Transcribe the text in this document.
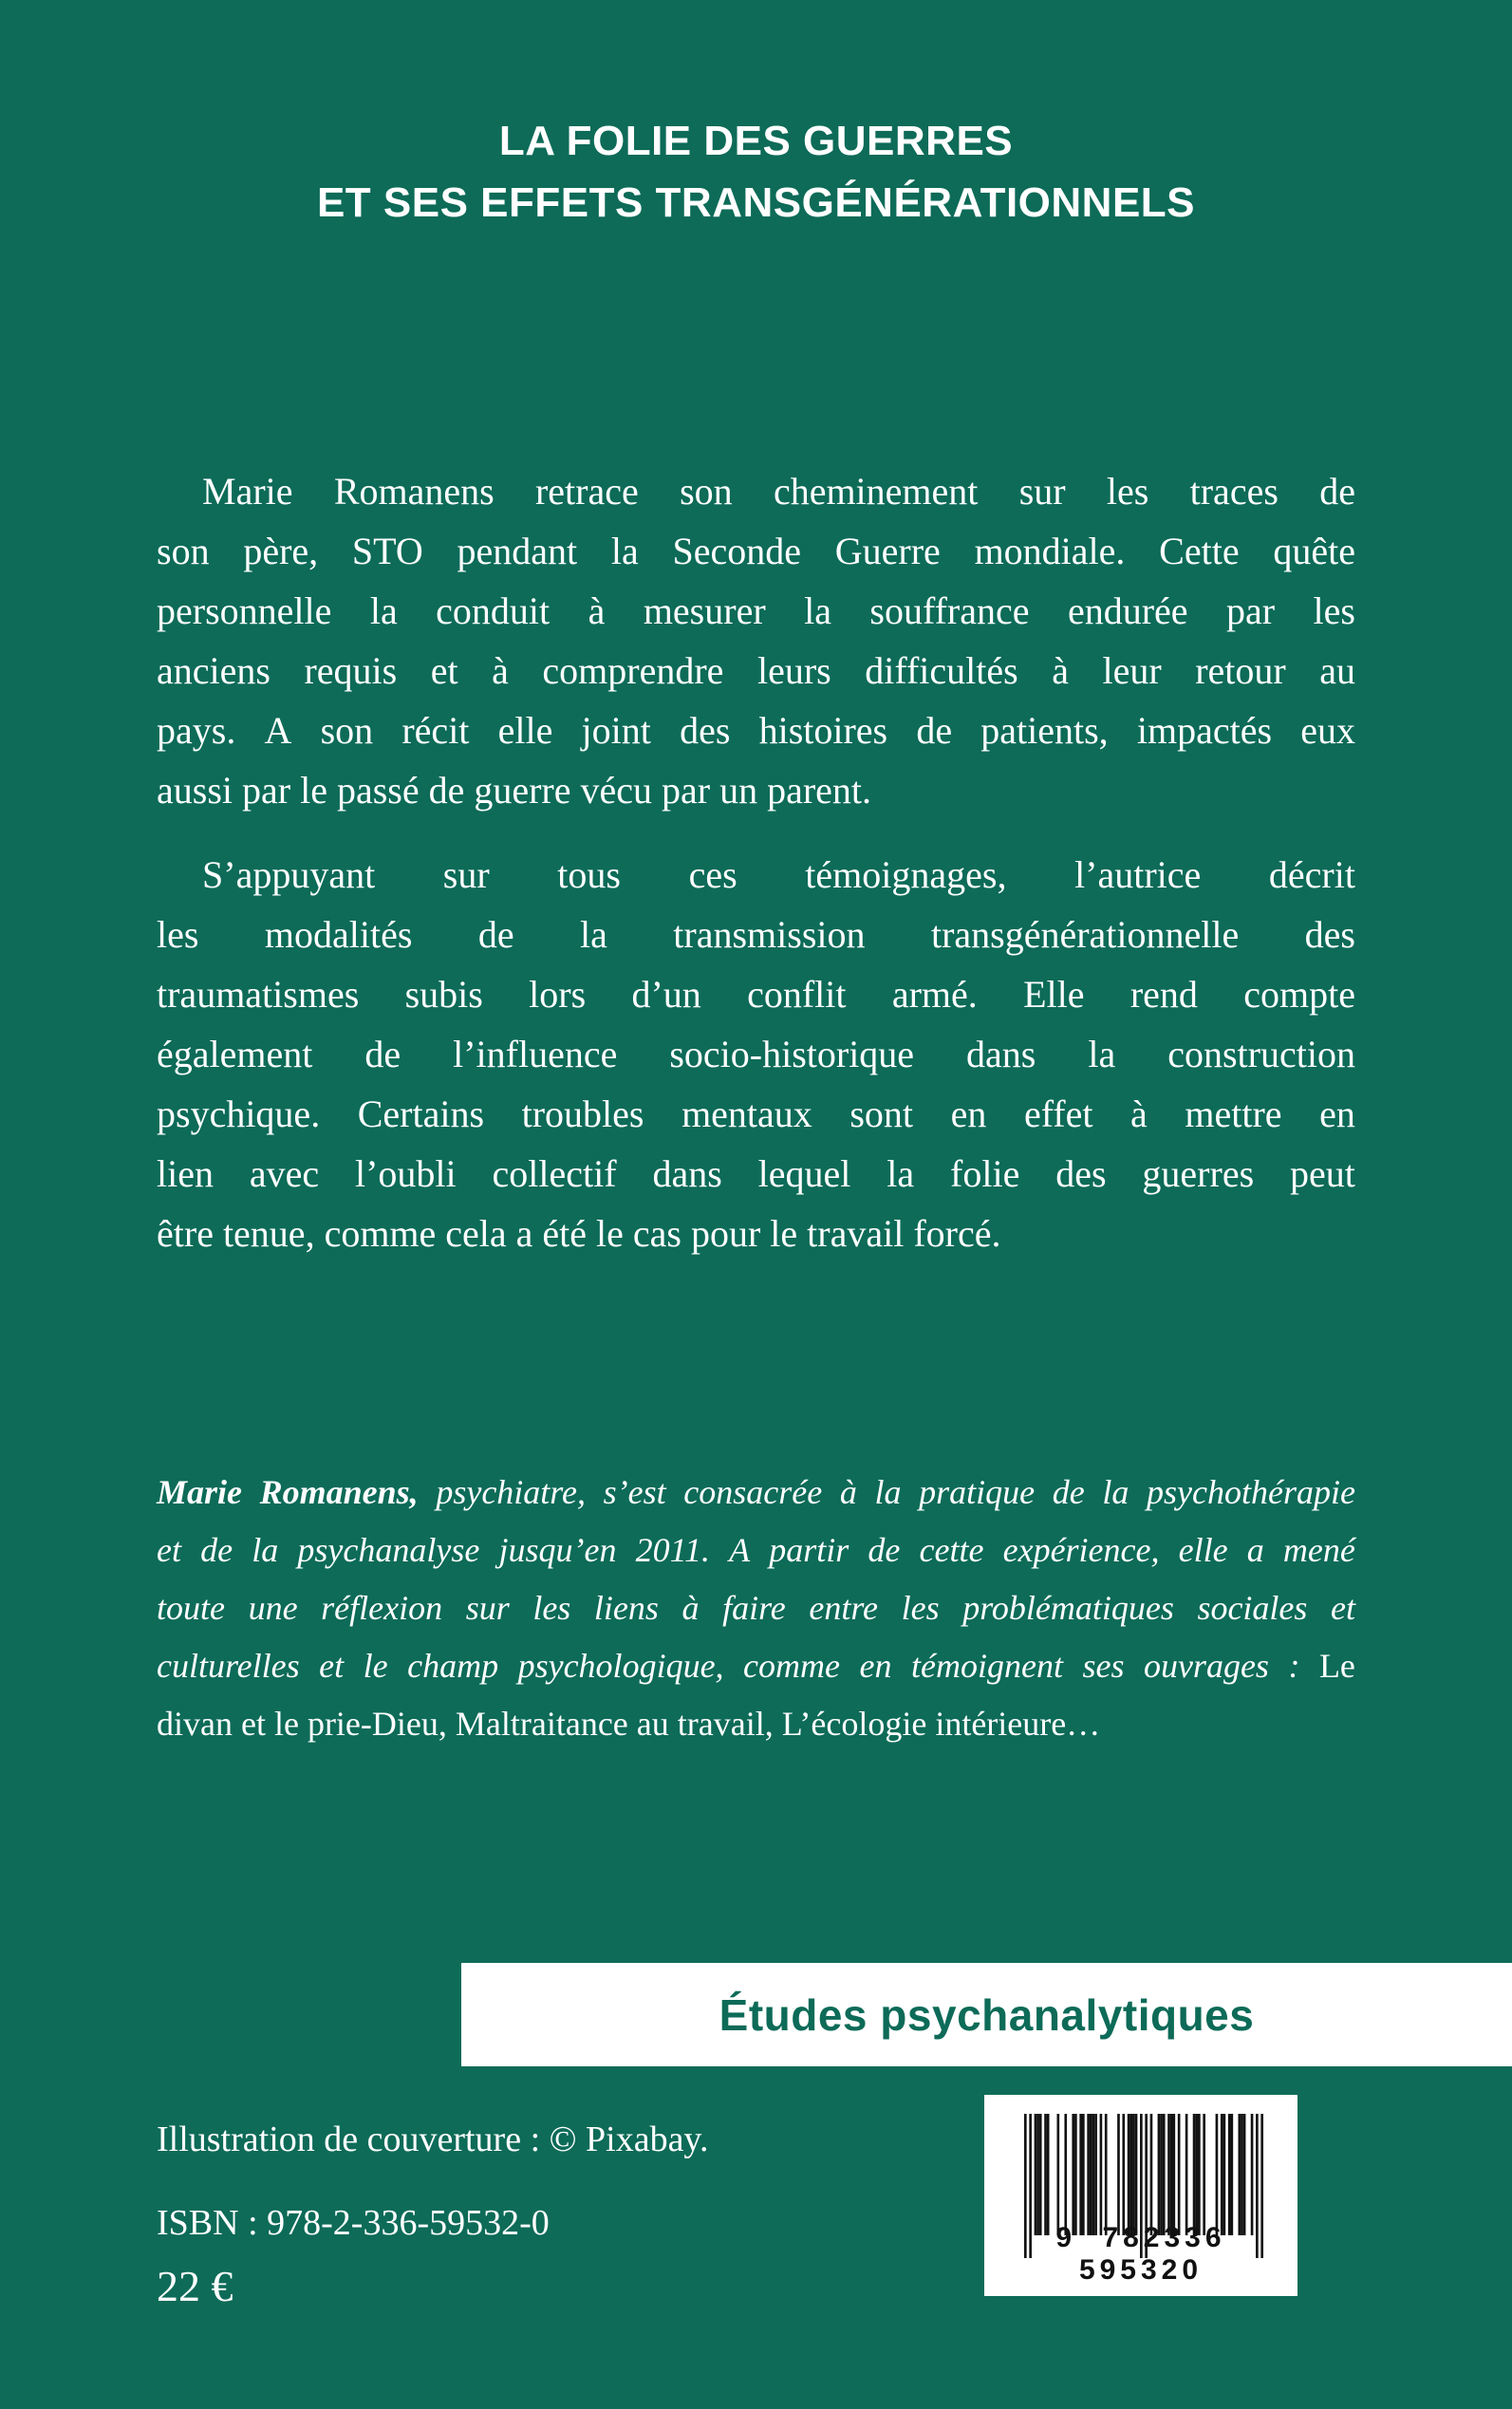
LA FOLIE DES GUERRES
ET SES EFFETS TRANSGÉNÉRATIONNELS
Marie Romanens retrace son cheminement sur les traces de
son père, STO pendant la Seconde Guerre mondiale. Cette quête
personnelle la conduit à mesurer la souffrance endurée par les
anciens requis et à comprendre leurs difficultés à leur retour au
pays. A son récit elle joint des histoires de patients, impactés eux
aussi par le passé de guerre vécu par un parent.
S’appuyant sur tous ces témoignages, l’autrice décrit
les modalités de la transmission transgénérationnelle des
traumatismes subis lors d’un conflit armé. Elle rend compte
également de l’influence socio-historique dans la construction
psychique. Certains troubles mentaux sont en effet à mettre en
lien avec l’oubli collectif dans lequel la folie des guerres peut
être tenue, comme cela a été le cas pour le travail forcé.
Marie Romanens, psychiatre, s’est consacrée à la pratique de la psychothérapie
et de la psychanalyse jusqu’en 2011. A partir de cette expérience, elle a mené
toute une réflexion sur les liens à faire entre les problématiques sociales et
culturelles et le champ psychologique, comme en témoignent ses ouvrages : Le
divan et le prie-Dieu, Maltraitance au travail, L’écologie intérieure…
Études psychanalytiques
Illustration de couverture : © Pixabay.
ISBN : 978-2-336-59532-0
22 €
9 782336 595320
